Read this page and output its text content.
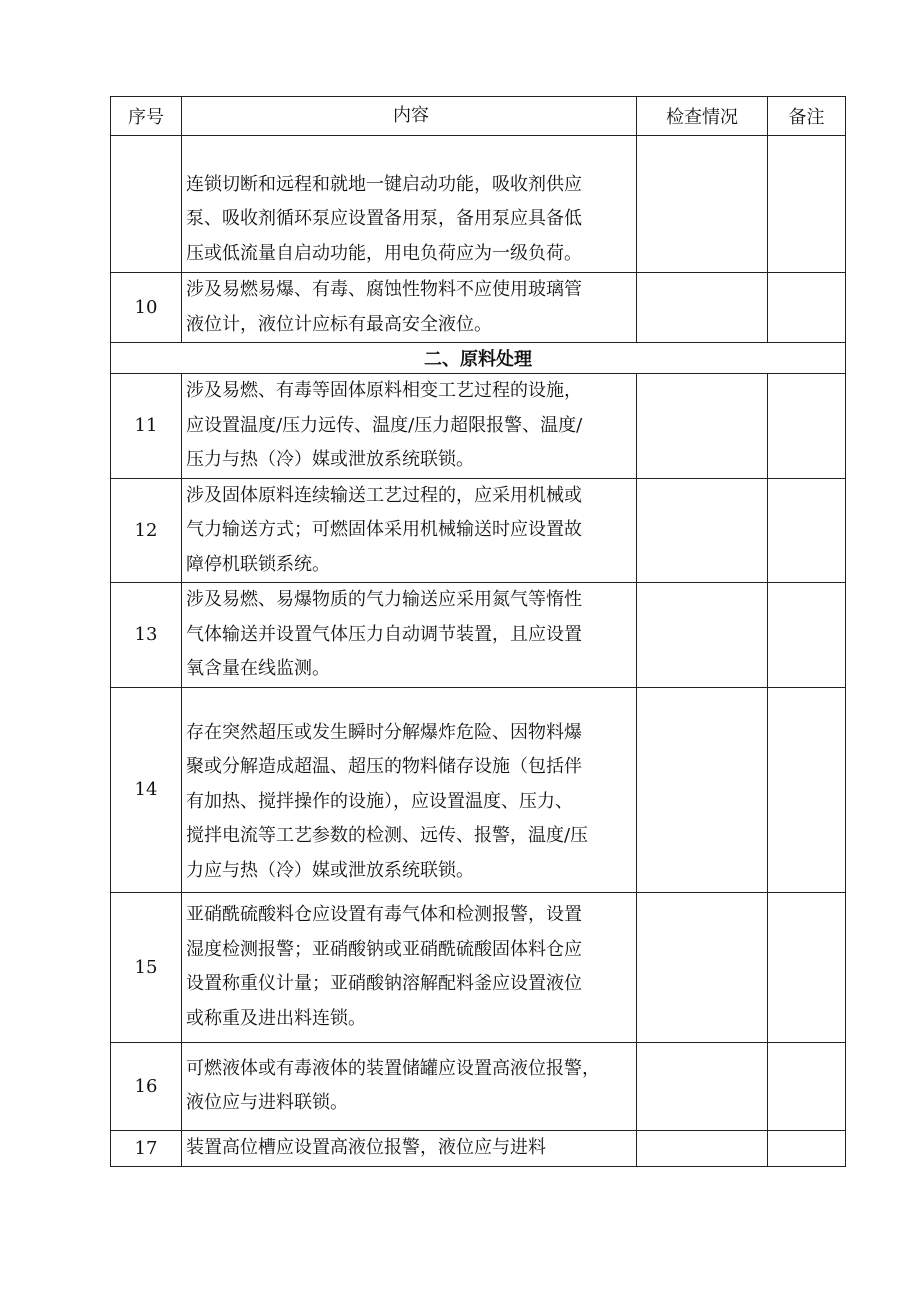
序号	内容	检查情况	备注

	连锁切断和远程和就地一键启动功能，吸收剂供应
泵、吸收剂循环泵应设置备用泵，备用泵应具备低
压或低流量自启动功能，用电负荷应为一级负荷。		

10	涉及易燃易爆、有毒、腐蚀性物料不应使用玻璃管
液位计，液位计应标有最高安全液位。		

二、原料处理			
11	涉及易燃、有毒等固体原料相变工艺过程的设施，
应设置温度/压力远传、温度/压力超限报警、温度/
压力与热（冷）媒或泄放系统联锁。		

12	涉及固体原料连续输送工艺过程的，应采用机械或
气力输送方式；可燃固体采用机械输送时应设置故
障停机联锁系统。		

13	涉及易燃、易爆物质的气力输送应采用氮气等惰性
气体输送并设置气体压力自动调节装置，且应设置
氧含量在线监测。		

14	存在突然超压或发生瞬时分解爆炸危险、因物料爆
聚或分解造成超温、超压的物料储存设施（包括伴
有加热、搅拌操作的设施），应设置温度、压力、
搅拌电流等工艺参数的检测、远传、报警，温度/压
力应与热（冷）媒或泄放系统联锁。		

15	亚硝酰硫酸料仓应设置有毒气体和检测报警，设置
湿度检测报警；亚硝酸钠或亚硝酰硫酸固体料仓应
设置称重仪计量；亚硝酸钠溶解配料釜应设置液位
或称重及进出料连锁。		

16	可燃液体或有毒液体的装置储罐应设置高液位报警，
液位应与进料联锁。		

17	装置高位槽应设置高液位报警，液位应与进料		
